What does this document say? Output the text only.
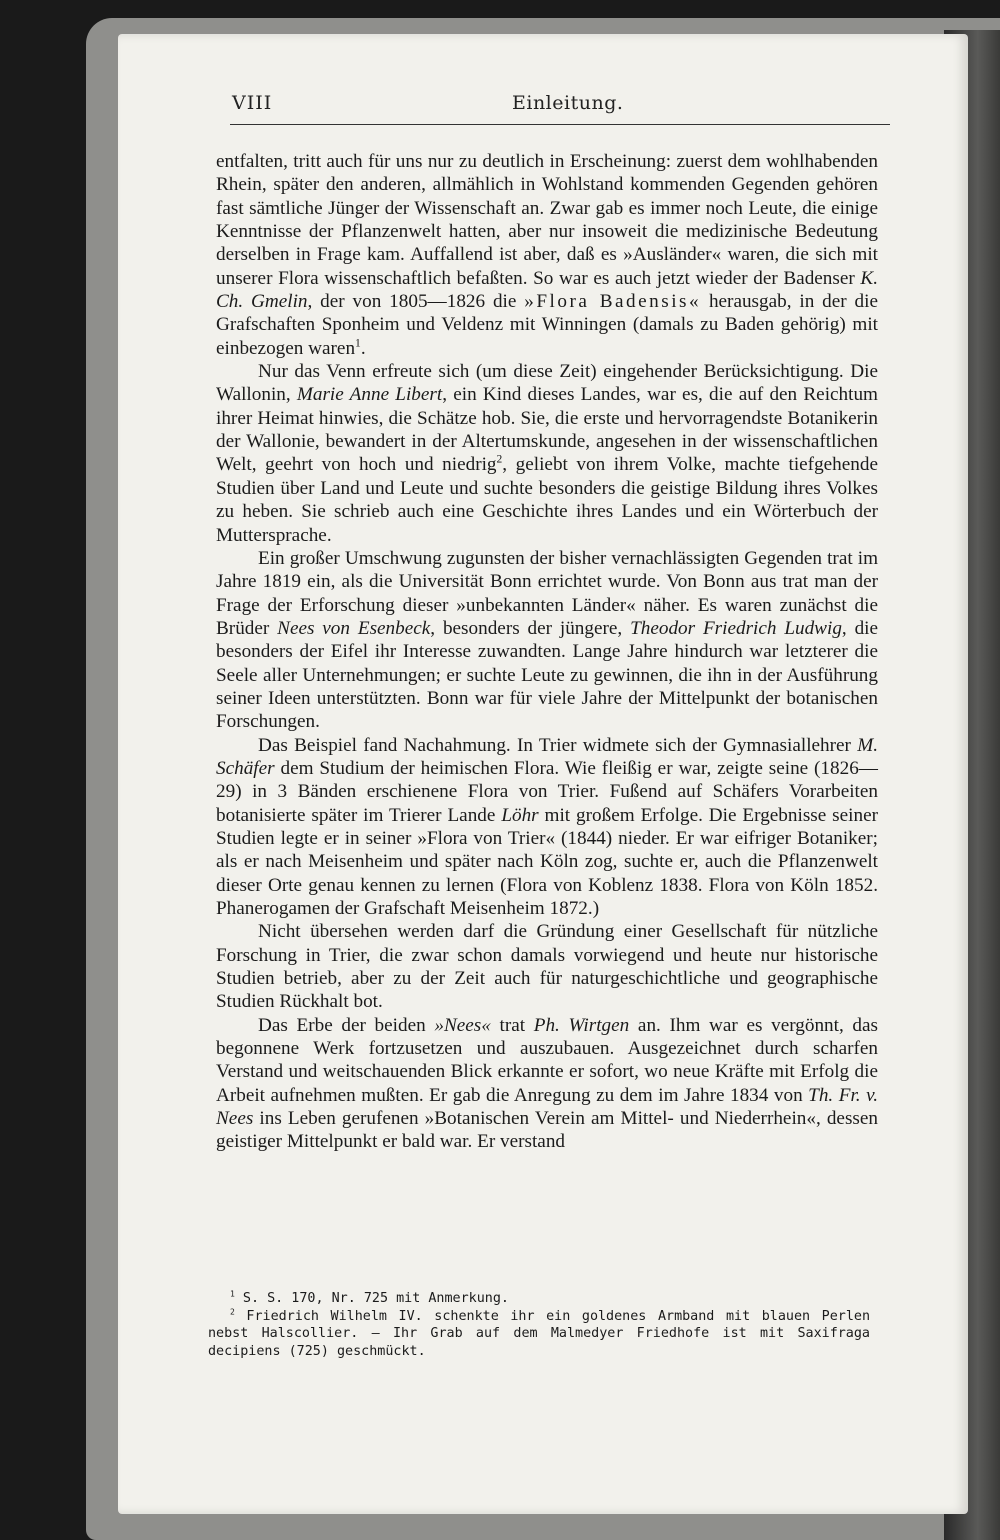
VIII	Einleitung.

entfalten, tritt auch für uns nur zu deutlich in Erscheinung: zuerst dem wohlhabenden Rhein, später den anderen, allmählich in Wohlstand kommenden Gegenden gehören fast sämtliche Jünger der Wissenschaft an. Zwar gab es immer noch Leute, die einige Kenntnisse der Pflanzenwelt hatten, aber nur insoweit die medizinische Bedeutung derselben in Frage kam. Auffallend ist aber, daß es »Ausländer« waren, die sich mit unserer Flora wissenschaftlich befaßten. So war es auch jetzt wieder der Badenser K. Ch. Gmelin, der von 1805—1826 die »Flora Badensis« herausgab, in der die Grafschaften Sponheim und Veldenz mit Winningen (damals zu Baden gehörig) mit einbezogen waren$^1$.

Nur das Venn erfreute sich (um diese Zeit) eingehender Berücksichtigung. Die Wallonin, Marie Anne Libert, ein Kind dieses Landes, war es, die auf den Reichtum ihrer Heimat hinwies, die Schätze hob. Sie, die erste und hervorragendste Botanikerin der Wallonie, bewandert in der Altertumskunde, angesehen in der wissenschaftlichen Welt, geehrt von hoch und niedrig$^2$, geliebt von ihrem Volke, machte tiefgehende Studien über Land und Leute und suchte besonders die geistige Bildung ihres Volkes zu heben. Sie schrieb auch eine Geschichte ihres Landes und ein Wörterbuch der Muttersprache.

Ein großer Umschwung zugunsten der bisher vernachlässigten Gegenden trat im Jahre 1819 ein, als die Universität Bonn errichtet wurde. Von Bonn aus trat man der Frage der Erforschung dieser »unbekannten Länder« näher. Es waren zunächst die Brüder Nees von Esenbeck, besonders der jüngere, Theodor Friedrich Ludwig, die besonders der Eifel ihr Interesse zuwandten. Lange Jahre hindurch war letzterer die Seele aller Unternehmungen; er suchte Leute zu gewinnen, die ihn in der Ausführung seiner Ideen unterstützten. Bonn war für viele Jahre der Mittelpunkt der botanischen Forschungen.

Das Beispiel fand Nachahmung. In Trier widmete sich der Gymnasiallehrer M. Schäfer dem Studium der heimischen Flora. Wie fleißig er war, zeigte seine (1826—29) in 3 Bänden erschienene Flora von Trier. Fußend auf Schäfers Vorarbeiten botanisierte später im Trierer Lande Löhr mit großem Erfolge. Die Ergebnisse seiner Studien legte er in seiner »Flora von Trier« (1844) nieder. Er war eifriger Botaniker; als er nach Meisenheim und später nach Köln zog, suchte er, auch die Pflanzenwelt dieser Orte genau kennen zu lernen (Flora von Koblenz 1838. Flora von Köln 1852. Phanerogamen der Grafschaft Meisenheim 1872.)

Nicht übersehen werden darf die Gründung einer Gesellschaft für nützliche Forschung in Trier, die zwar schon damals vorwiegend und heute nur historische Studien betrieb, aber zu der Zeit auch für naturgeschichtliche und geographische Studien Rückhalt bot.

Das Erbe der beiden »Nees« trat Ph. Wirtgen an. Ihm war es vergönnt, das begonnene Werk fortzusetzen und auszubauen. Ausgezeichnet durch scharfen Verstand und weitschauenden Blick erkannte er sofort, wo neue Kräfte mit Erfolg die Arbeit aufnehmen mußten. Er gab die Anregung zu dem im Jahre 1834 von Th. Fr. v. Nees ins Leben gerufenen »Botanischen Verein am Mittel- und Niederrhein«, dessen geistiger Mittelpunkt er bald war. Er verstand

$^1$ S. S. 170, Nr. 725 mit Anmerkung.

$^2$ Friedrich Wilhelm IV. schenkte ihr ein goldenes Armband mit blauen Perlen nebst Halscollier. — Ihr Grab auf dem Malmedyer Friedhofe ist mit Saxifraga decipiens (725) geschmückt.
